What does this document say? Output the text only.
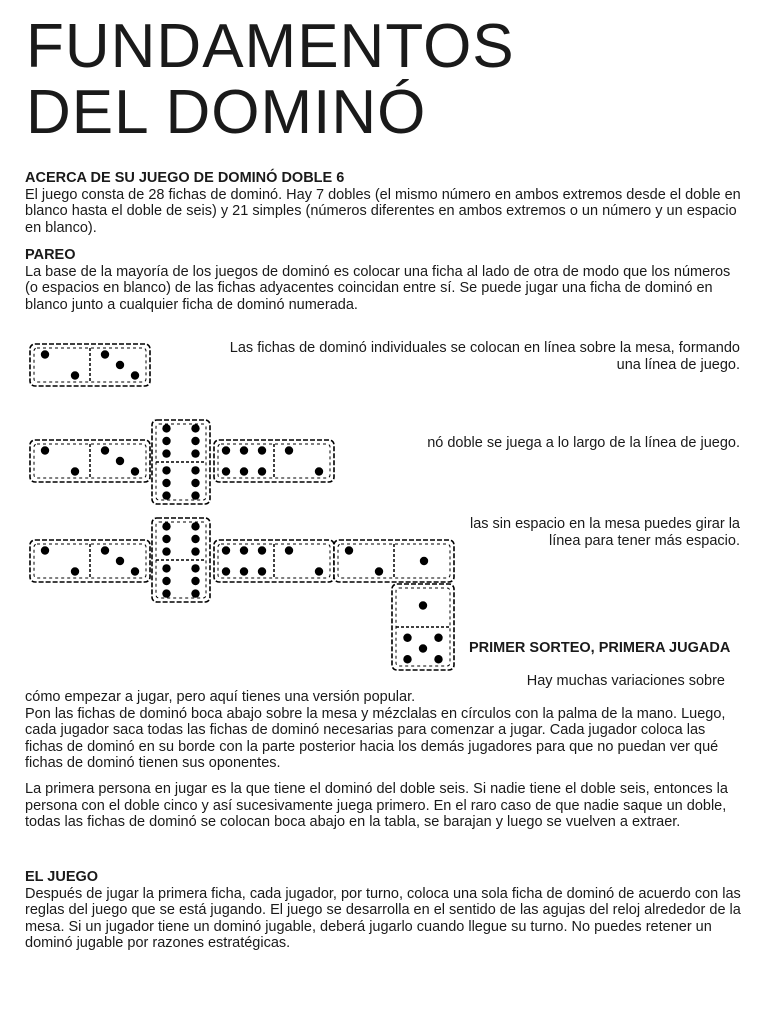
FUNDAMENTOS
DEL DOMINÓ
ACERCA DE SU JUEGO DE DOMINÓ DOBLE 6

El juego consta de 28 fichas de dominó. Hay 7 dobles (el mismo número en ambos extremos desde el doble en blanco hasta el doble de seis) y 21 simples (números diferentes en ambos extremos o un número y un espacio en blanco).

PAREO

La base de la mayoría de los juegos de dominó es colocar una ficha al lado de otra de modo que los números (o espacios en blanco) de las fichas adyacentes coincidan entre sí. Se puede jugar una ficha de dominó en blanco junto a cualquier ficha de dominó numerada.

Las fichas de dominó individuales se colocan en línea sobre la mesa, formando una línea de juego.
nó doble se juega a lo largo de la línea de juego.
las sin espacio en la mesa puedes girar la línea para tener más espacio.
PRIMER SORTEO, PRIMERA JUGADA
Hay muchas variaciones sobre

cómo empezar a jugar, pero aquí tienes una versión popular.

Pon las fichas de dominó boca abajo sobre la mesa y mézclalas en círculos con la palma de la mano. Luego, cada jugador saca todas las fichas de dominó necesarias para comenzar a jugar. Cada jugador coloca las fichas de dominó en su borde con la parte posterior hacia los demás jugadores para que no puedan ver qué fichas de dominó tienen sus oponentes.

La primera persona en jugar es la que tiene el dominó del doble seis. Si nadie tiene el doble seis, entonces la persona con el doble cinco y así sucesivamente juega primero. En el raro caso de que nadie saque un doble, todas las fichas de dominó se colocan boca abajo en la tabla, se barajan y luego se vuelven a extraer.

EL JUEGO

Después de jugar la primera ficha, cada jugador, por turno, coloca una sola ficha de dominó de acuerdo con las reglas del juego que se está jugando. El juego se desarrolla en el sentido de las agujas del reloj alrededor de la mesa. Si un jugador tiene un dominó jugable, deberá jugarlo cuando llegue su turno. No puedes retener un dominó jugable por razones estratégicas.
